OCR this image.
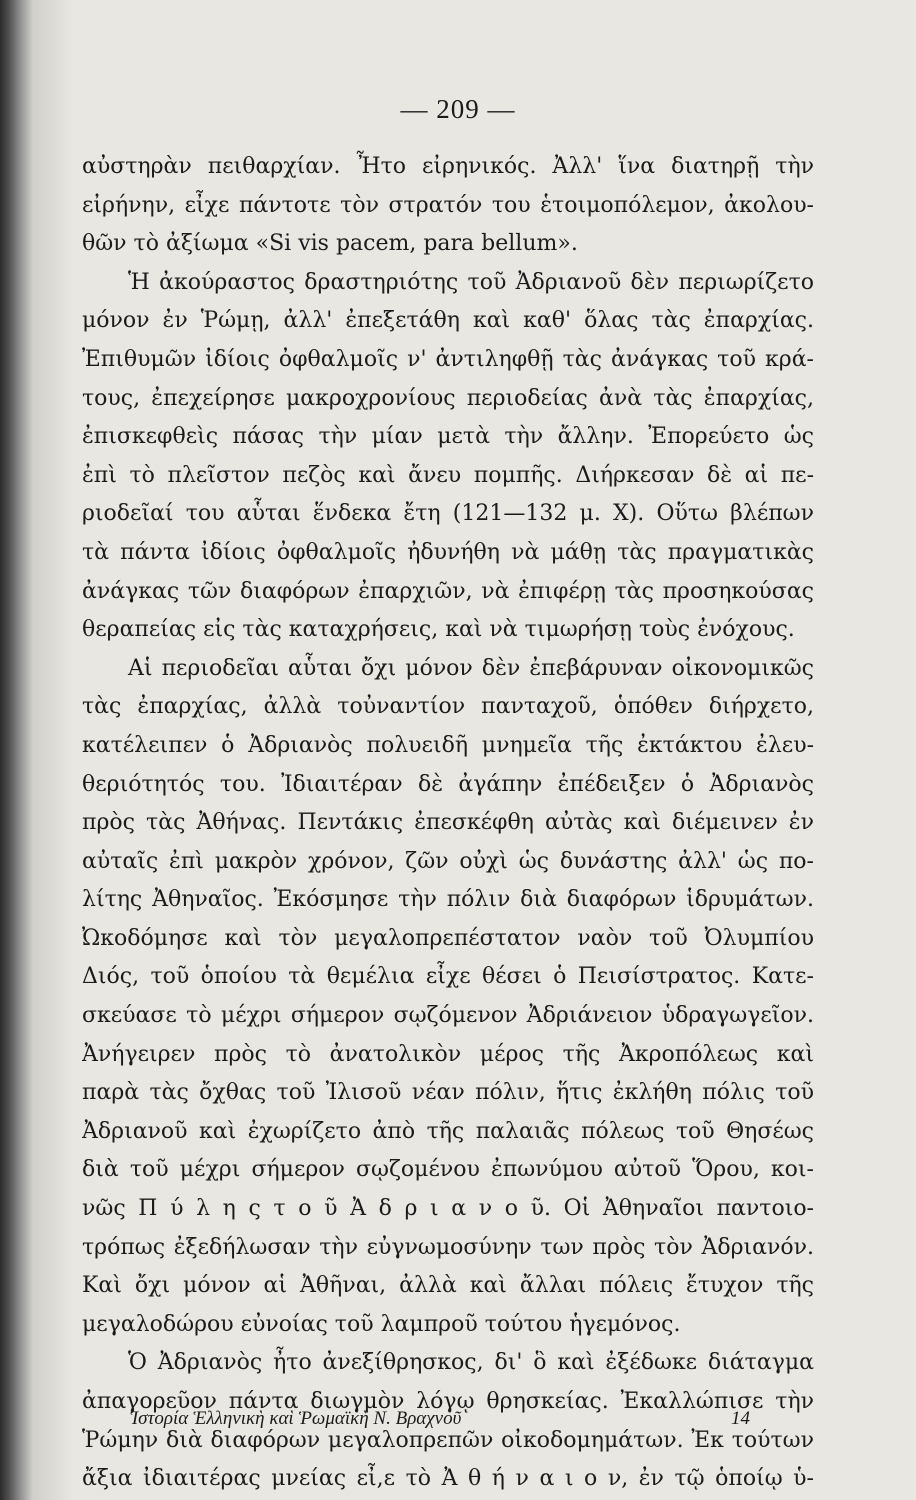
— 209 —
αὐστηρὰν πειθαρχίαν. Ἦτο εἰρηνικός. Ἀλλ' ἵνα διατηρῇ τὴν
εἰρήνην, εἶχε πάντοτε τὸν στρατόν του ἑτοιμοπόλεμον, ἀκολου-
θῶν τὸ ἀξίωμα «Si vis pacem, para bellum».
Ἡ ἀκούραστος δραστηριότης τοῦ Ἀδριανοῦ δὲν περιωρίζετο
μόνον ἐν Ῥώμῃ, ἀλλ' ἐπεξετάθη καὶ καθ' ὅλας τὰς ἐπαρχίας.
Ἐπιθυμῶν ἰδίοις ὀφθαλμοῖς ν' ἀντιληφθῇ τὰς ἀνάγκας τοῦ κρά-
τους, ἐπεχείρησε μακροχρονίους περιοδείας ἀνὰ τὰς ἐπαρχίας,
ἐπισκεφθεὶς πάσας τὴν μίαν μετὰ τὴν ἄλλην. Ἐπορεύετο ὡς
ἐπὶ τὸ πλεῖστον πεζὸς καὶ ἄνευ πομπῆς. Διήρκεσαν δὲ αἱ πε-
ριοδεῖαί του αὗται ἕνδεκα ἔτη (121—132 μ. Χ). Οὕτω βλέπων
τὰ πάντα ἰδίοις ὀφθαλμοῖς ἠδυνήθη νὰ μάθῃ τὰς πραγματικὰς
ἀνάγκας τῶν διαφόρων ἐπαρχιῶν, νὰ ἐπιφέρῃ τὰς προσηκούσας
θεραπείας εἰς τὰς καταχρήσεις, καὶ νὰ τιμωρήσῃ τοὺς ἐνόχους.
Αἱ περιοδεῖαι αὗται ὄχι μόνον δὲν ἐπεβάρυναν οἰκονομικῶς
τὰς ἐπαρχίας, ἀλλὰ τοὐναντίον πανταχοῦ, ὁπόθεν διήρχετο,
κατέλειπεν ὁ Ἀδριανὸς πολυειδῆ μνημεῖα τῆς ἐκτάκτου ἐλευ-
θεριότητός του. Ἰδιαιτέραν δὲ ἀγάπην ἐπέδειξεν ὁ Ἀδριανὸς
πρὸς τὰς Ἀθήνας. Πεντάκις ἐπεσκέφθη αὐτὰς καὶ διέμεινεν ἐν
αὐταῖς ἐπὶ μακρὸν χρόνον, ζῶν οὐχὶ ὡς δυνάστης ἀλλ' ὡς πο-
λίτης Ἀθηναῖος. Ἐκόσμησε τὴν πόλιν διὰ διαφόρων ἱδρυμάτων.
Ὠκοδόμησε καὶ τὸν μεγαλοπρεπέστατον ναὸν τοῦ Ὀλυμπίου
Διός, τοῦ ὁποίου τὰ θεμέλια εἶχε θέσει ὁ Πεισίστρατος. Κατε-
σκεύασε τὸ μέχρι σήμερον σῳζόμενον Ἀδριάνειον ὑδραγωγεῖον.
Ἀνήγειρεν πρὸς τὸ ἀνατολικὸν μέρος τῆς Ἀκροπόλεως καὶ
παρὰ τὰς ὄχθας τοῦ Ἰλισοῦ νέαν πόλιν, ἥτις ἐκλήθη πόλις τοῦ
Ἀδριανοῦ καὶ ἐχωρίζετο ἀπὸ τῆς παλαιᾶς πόλεως τοῦ Θησέως
διὰ τοῦ μέχρι σήμερον σῳζομένου ἐπωνύμου αὐτοῦ Ὅρου, κοι-
νῶς Π ύ λ η ς τ ο ῦ Ἀ δ ρ ι α ν ο ῦ. Οἱ Ἀθηναῖοι παντοιο-
τρόπως ἐξεδήλωσαν τὴν εὐγνωμοσύνην των πρὸς τὸν Ἀδριανόν.
Καὶ ὄχι μόνον αἱ Ἀθῆναι, ἀλλὰ καὶ ἄλλαι πόλεις ἔτυχον τῆς
μεγαλοδώρου εὐνοίας τοῦ λαμπροῦ τούτου ἡγεμόνος.
Ὁ Ἀδριανὸς ἦτο ἀνεξίθρησκος, δι' ὃ καὶ ἐξέδωκε διάταγμα
ἀπαγορεῦον πάντα διωγμὸν λόγῳ θρησκείας. Ἐκαλλώπισε τὴν
Ῥώμην διὰ διαφόρων μεγαλοπρεπῶν οἰκοδομημάτων. Ἐκ τούτων
ἄξια ἰδιαιτέρας μνείας εἶ,ε τὸ Ἀ θ ή ν α ι ο ν, ἐν τῷ ὁποίῳ ὑ-
Ἱστορία Ἑλληνικὴ καὶ Ῥωμαϊκὴ Ν. Βραχνοῦ	14
